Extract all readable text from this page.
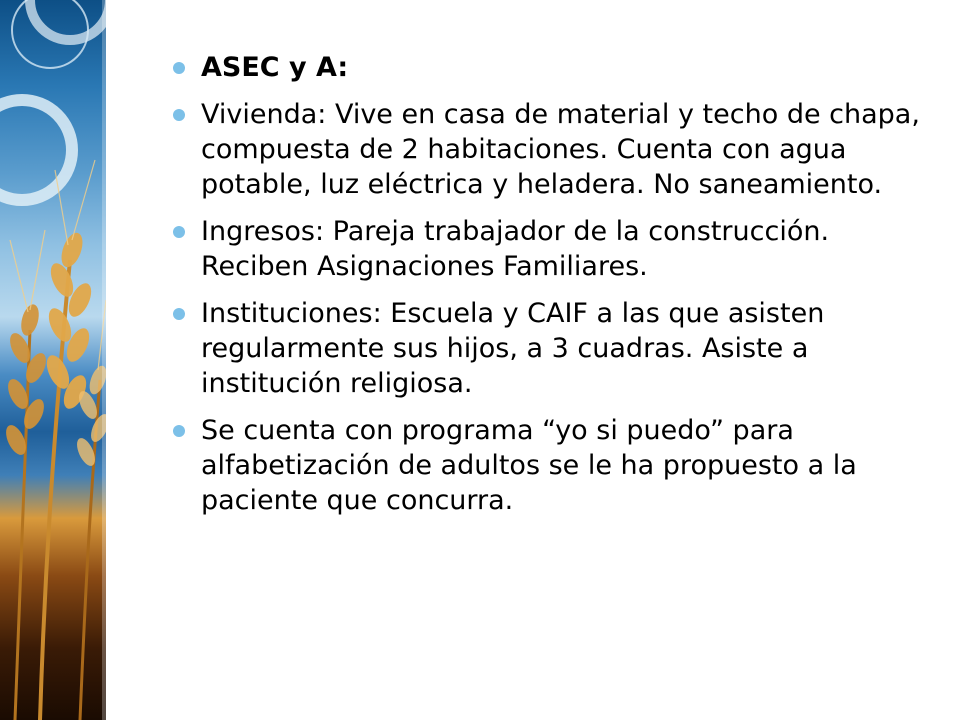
ASEC y A:
Vivienda: Vive en casa de material y techo de chapa, compuesta de 2 habitaciones. Cuenta con agua potable, luz eléctrica y heladera. No saneamiento.
Ingresos: Pareja trabajador de la construcción. Reciben Asignaciones Familiares.
Instituciones: Escuela y CAIF a las que asisten regularmente sus hijos, a 3 cuadras. Asiste a institución religiosa.
Se cuenta con programa “yo si puedo” para alfabetización de adultos se le ha propuesto a la paciente que concurra.
